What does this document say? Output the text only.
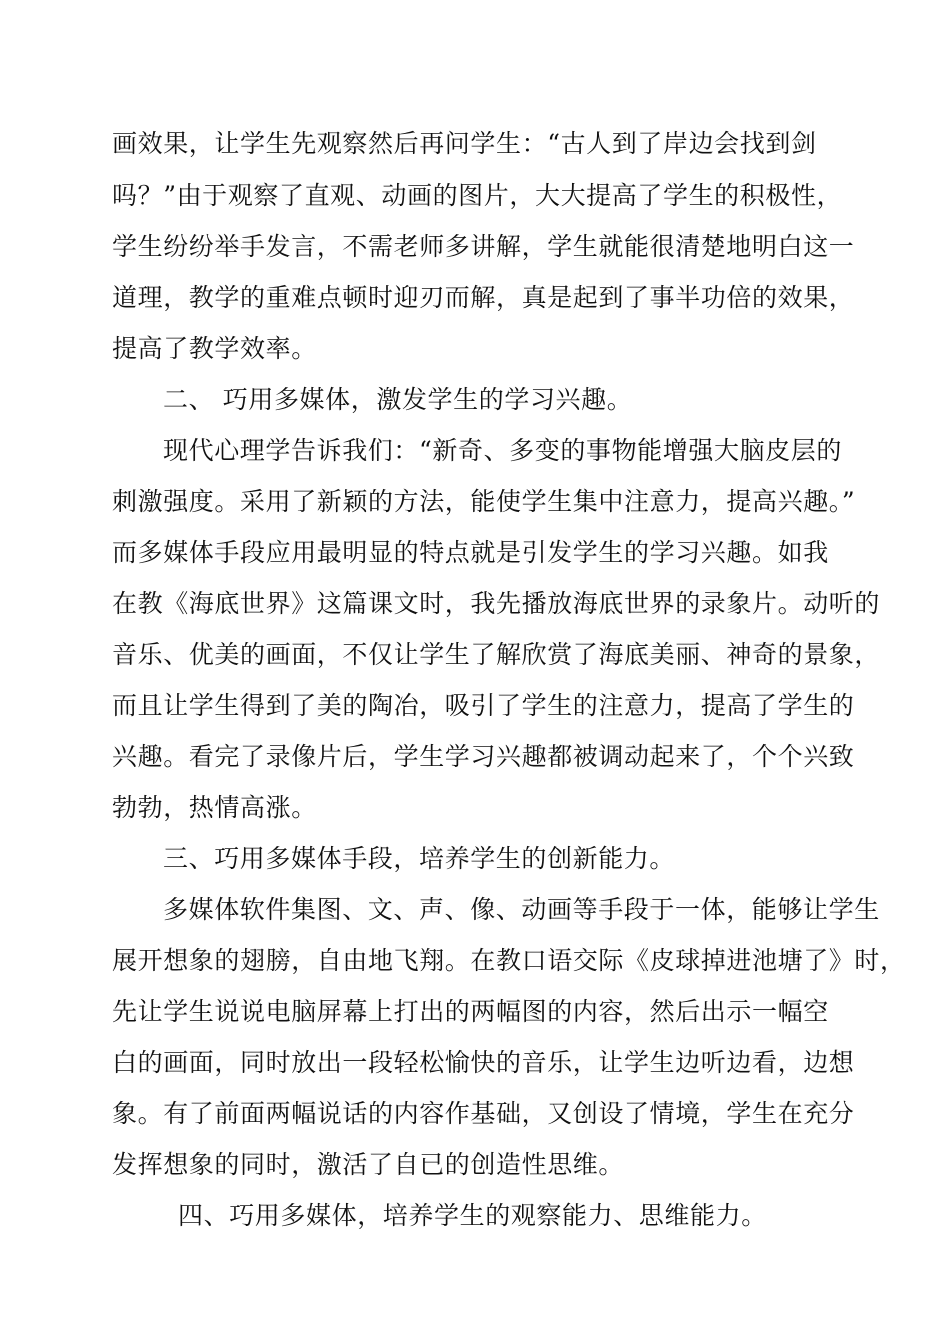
画效果，让学生先观察然后再问学生：“古人到了岸边会找到剑

吗？”由于观察了直观、动画的图片，大大提高了学生的积极性，

学生纷纷举手发言，不需老师多讲解，学生就能很清楚地明白这一

道理，教学的重难点顿时迎刃而解，真是起到了事半功倍的效果，

提高了教学效率。

二、 巧用多媒体，激发学生的学习兴趣。

现代心理学告诉我们：“新奇、多变的事物能增强大脑皮层的

刺激强度。采用了新颖的方法，能使学生集中注意力，提高兴趣。”

而多媒体手段应用最明显的特点就是引发学生的学习兴趣。如我

在教《海底世界》这篇课文时，我先播放海底世界的录象片。动听的

音乐、优美的画面，不仅让学生了解欣赏了海底美丽、神奇的景象，

而且让学生得到了美的陶冶，吸引了学生的注意力，提高了学生的

兴趣。看完了录像片后，学生学习兴趣都被调动起来了，个个兴致

勃勃，热情高涨。

三、巧用多媒体手段，培养学生的创新能力。

多媒体软件集图、文、声、像、动画等手段于一体，能够让学生

展开想象的翅膀，自由地飞翔。在教口语交际《皮球掉进池塘了》时，

先让学生说说电脑屏幕上打出的两幅图的内容，然后出示一幅空

白的画面，同时放出一段轻松愉快的音乐，让学生边听边看，边想

象。有了前面两幅说话的内容作基础，又创设了情境，学生在充分

发挥想象的同时，激活了自已的创造性思维。

四、巧用多媒体，培养学生的观察能力、思维能力。
